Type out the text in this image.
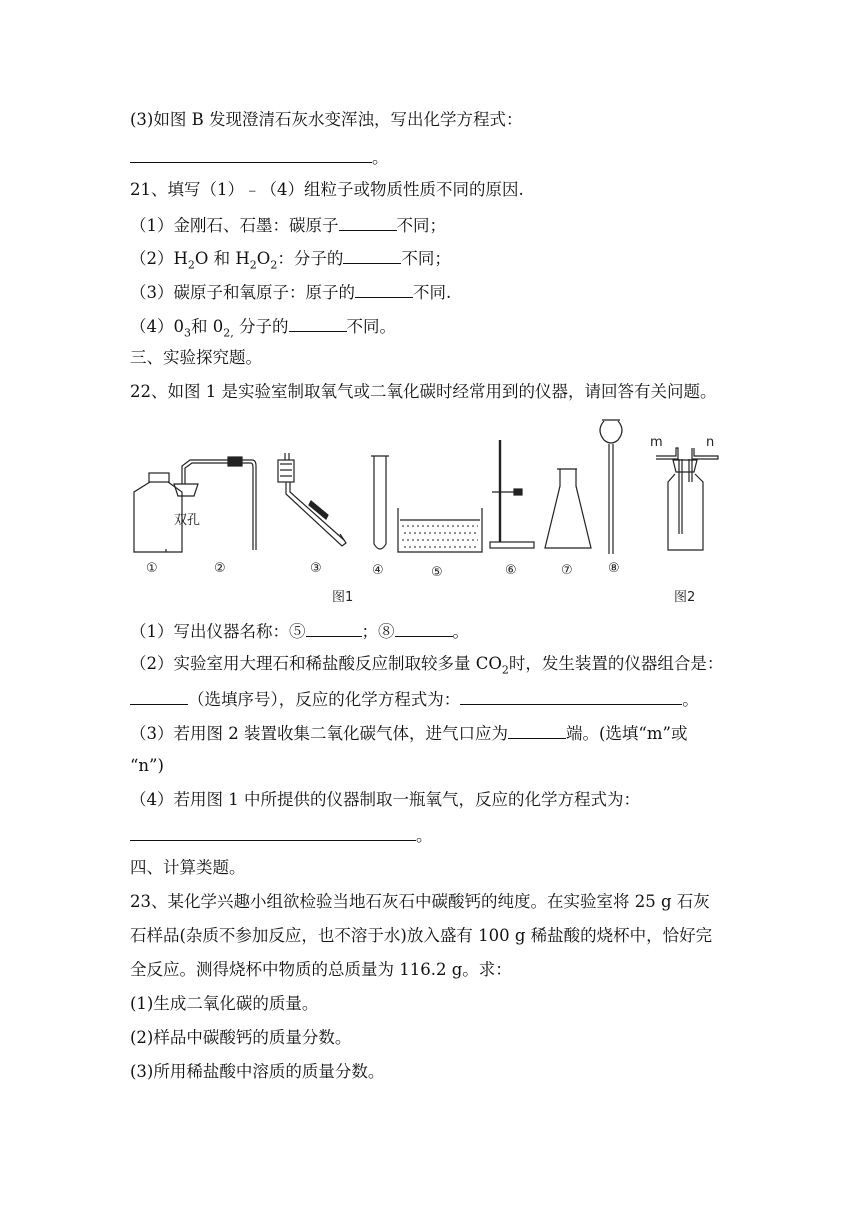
(3)如图 B 发现澄清石灰水变浑浊，写出化学方程式：
。
21、填写（1）﹣（4）组粒子或物质性质不同的原因.
（1）金刚石、石墨：碳原子	不同；
$(2)H_2O$ 和 $H_2O_2$：分子的	不同；
（3）碳原子和氧原子：原子的	不同.
$(4)0_3$和 $0_{2,}$ 分子的	不同。
三、实验探究题。
22、如图 1 是实验室制取氧气或二氧化碳时经常用到的仪器，请回答有关问题。
双孔
①	②	③	④	⑤	⑥	⑦	⑧
m	n
图1	图2
（1）写出仪器名称：⑤	；⑧	。
（2）实验室用大理石和稀盐酸反应制取较多量 $CO_2$时，发生装置的仪器组合是：
（选填序号），反应的化学方程式为：	。
（3）若用图 2 装置收集二氧化碳气体，进气口应为	端。(选填“m”或
“n”)
（4）若用图 1 中所提供的仪器制取一瓶氧气，反应的化学方程式为：
。
四、计算类题。
23、某化学兴趣小组欲检验当地石灰石中碳酸钙的纯度。在实验室将 25 g 石灰
石样品(杂质不参加反应，也不溶于水)放入盛有 100 g 稀盐酸的烧杯中，恰好完
全反应。测得烧杯中物质的总质量为 116.2 g。求：
(1)生成二氧化碳的质量。
(2)样品中碳酸钙的质量分数。
(3)所用稀盐酸中溶质的质量分数。
